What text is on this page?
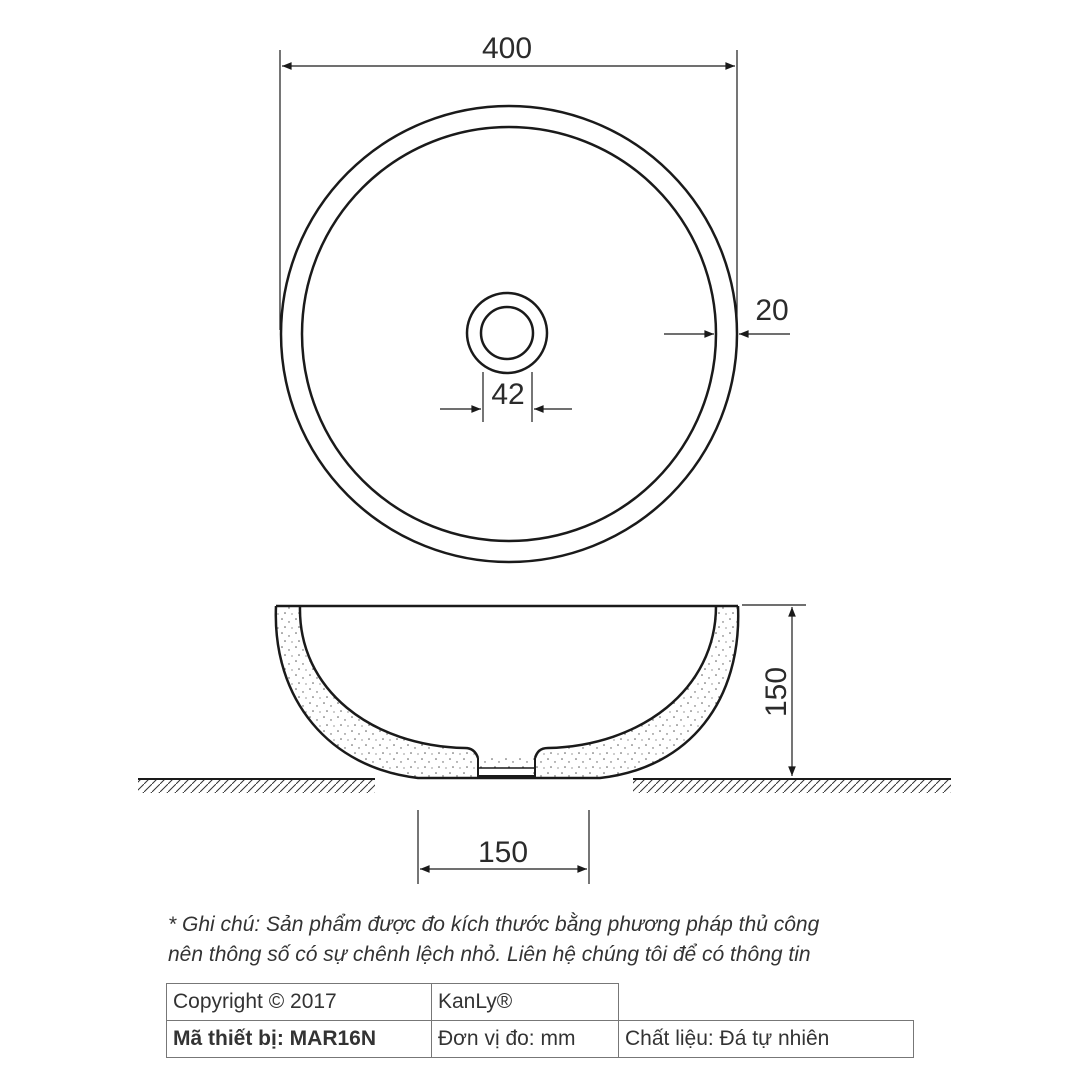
400
20
42
150
150
* Ghi chú: Sản phẩm được đo kích thước bằng phương pháp thủ công
nên thông số có sự chênh lệch nhỏ. Liên hệ chúng tôi để có thông tin
Copyright © 2017	KanLy®	
Mã thiết bị: MAR16N	Đơn vị đo: mm	Chất liệu: Đá tự nhiên
